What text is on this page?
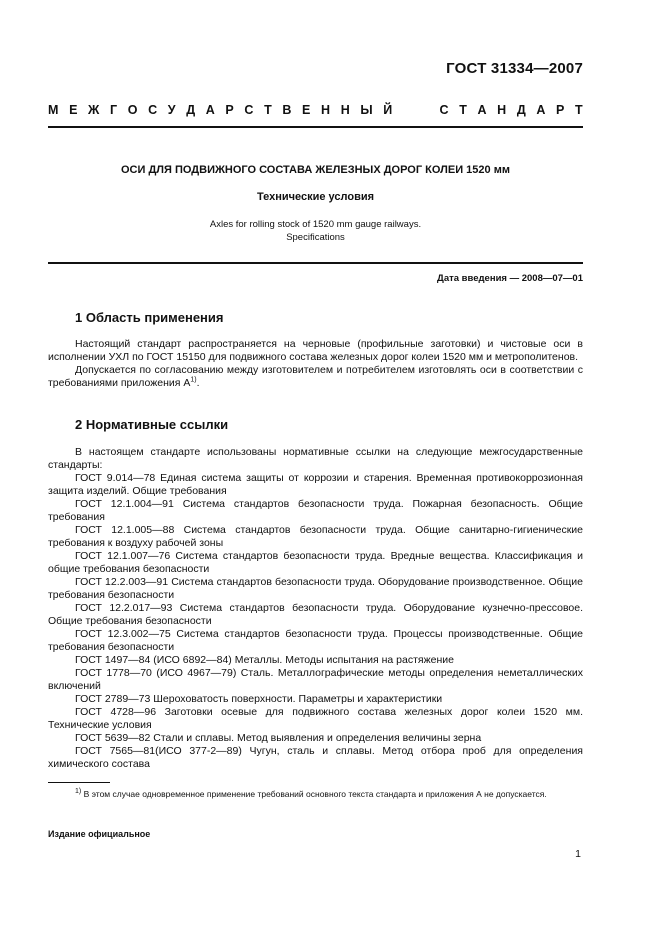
ГОСТ 31334—2007
М Е Ж Г О С У Д А Р С Т В Е Н Н Ы Й	С Т А Н Д А Р Т
ОСИ ДЛЯ ПОДВИЖНОГО СОСТАВА ЖЕЛЕЗНЫХ ДОРОГ КОЛЕИ 1520 мм
Технические условия
Axles for rolling stock of 1520 mm gauge railways.
Specifications
Дата введения — 2008—07—01
1 Область применения

Настоящий стандарт распространяется на черновые (профильные заготовки) и чистовые оси в исполнении УХЛ по ГОСТ 15150 для подвижного состава железных дорог колеи 1520 мм и метрополитенов.

Допускается по согласованию между изготовителем и потребителем изготовлять оси в соответствии с требованиями приложения $А^{1)}$.

2 Нормативные ссылки

В настоящем стандарте использованы нормативные ссылки на следующие межгосударственные стандарты:

ГОСТ 9.014—78 Единая система защиты от коррозии и старения. Временная противокоррозионная защита изделий. Общие требования

ГОСТ 12.1.004—91 Система стандартов безопасности труда. Пожарная безопасность. Общие требования

ГОСТ 12.1.005—88 Система стандартов безопасности труда. Общие санитарно-гигиенические требования к воздуху рабочей зоны

ГОСТ 12.1.007—76 Система стандартов безопасности труда. Вредные вещества. Классификация и общие требования безопасности

ГОСТ 12.2.003—91 Система стандартов безопасности труда. Оборудование производственное. Общие требования безопасности

ГОСТ 12.2.017—93 Система стандартов безопасности труда. Оборудование кузнечно-прессовое. Общие требования безопасности

ГОСТ 12.3.002—75 Система стандартов безопасности труда. Процессы производственные. Общие требования безопасности

ГОСТ 1497—84 (ИСО 6892—84) Металлы. Методы испытания на растяжение

ГОСТ 1778—70 (ИСО 4967—79) Сталь. Металлографические методы определения неметаллических включений

ГОСТ 2789—73 Шероховатость поверхности. Параметры и характеристики

ГОСТ 4728—96 Заготовки осевые для подвижного состава железных дорог колеи 1520 мм. Технические условия

ГОСТ 5639—82 Стали и сплавы. Метод выявления и определения величины зерна

ГОСТ 7565—81(ИСО 377-2—89) Чугун, сталь и сплавы. Метод отбора проб для определения химического состава

$^{1)}$ В этом случае одновременное применение требований основного текста стандарта и приложения А не допускается.

Издание официальное
1
